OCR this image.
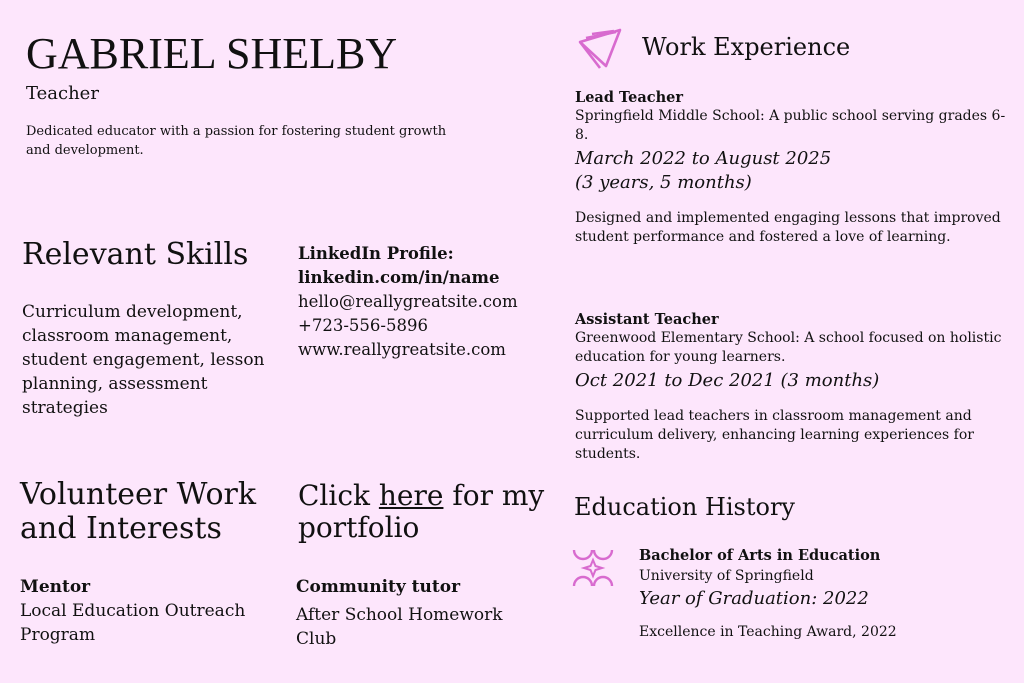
GABRIEL SHELBY
Teacher
Dedicated educator with a passion for fostering student growth and development.
Relevant Skills
Curriculum development, classroom management, student engagement, lesson planning, assessment strategies
LinkedIn Profile:
linkedin.com/in/name
hello@reallygreatsite.com
+723-556-5896
www.reallygreatsite.com
Volunteer Work and Interests
Click here for my portfolio
Mentor
Local Education Outreach Program
Community tutor
After School Homework Club
Work Experience
Lead Teacher
Springfield Middle School: A public school serving grades 6-8.
March 2022 to August 2025 (3 years, 5 months)
Designed and implemented engaging lessons that improved student performance and fostered a love of learning.
Assistant Teacher
Greenwood Elementary School: A school focused on holistic education for young learners.
Oct 2021 to Dec 2021 (3 months)
Supported lead teachers in classroom management and curriculum delivery, enhancing learning experiences for students.
Education History
Bachelor of Arts in Education
University of Springfield
Year of Graduation: 2022
Excellence in Teaching Award, 2022
